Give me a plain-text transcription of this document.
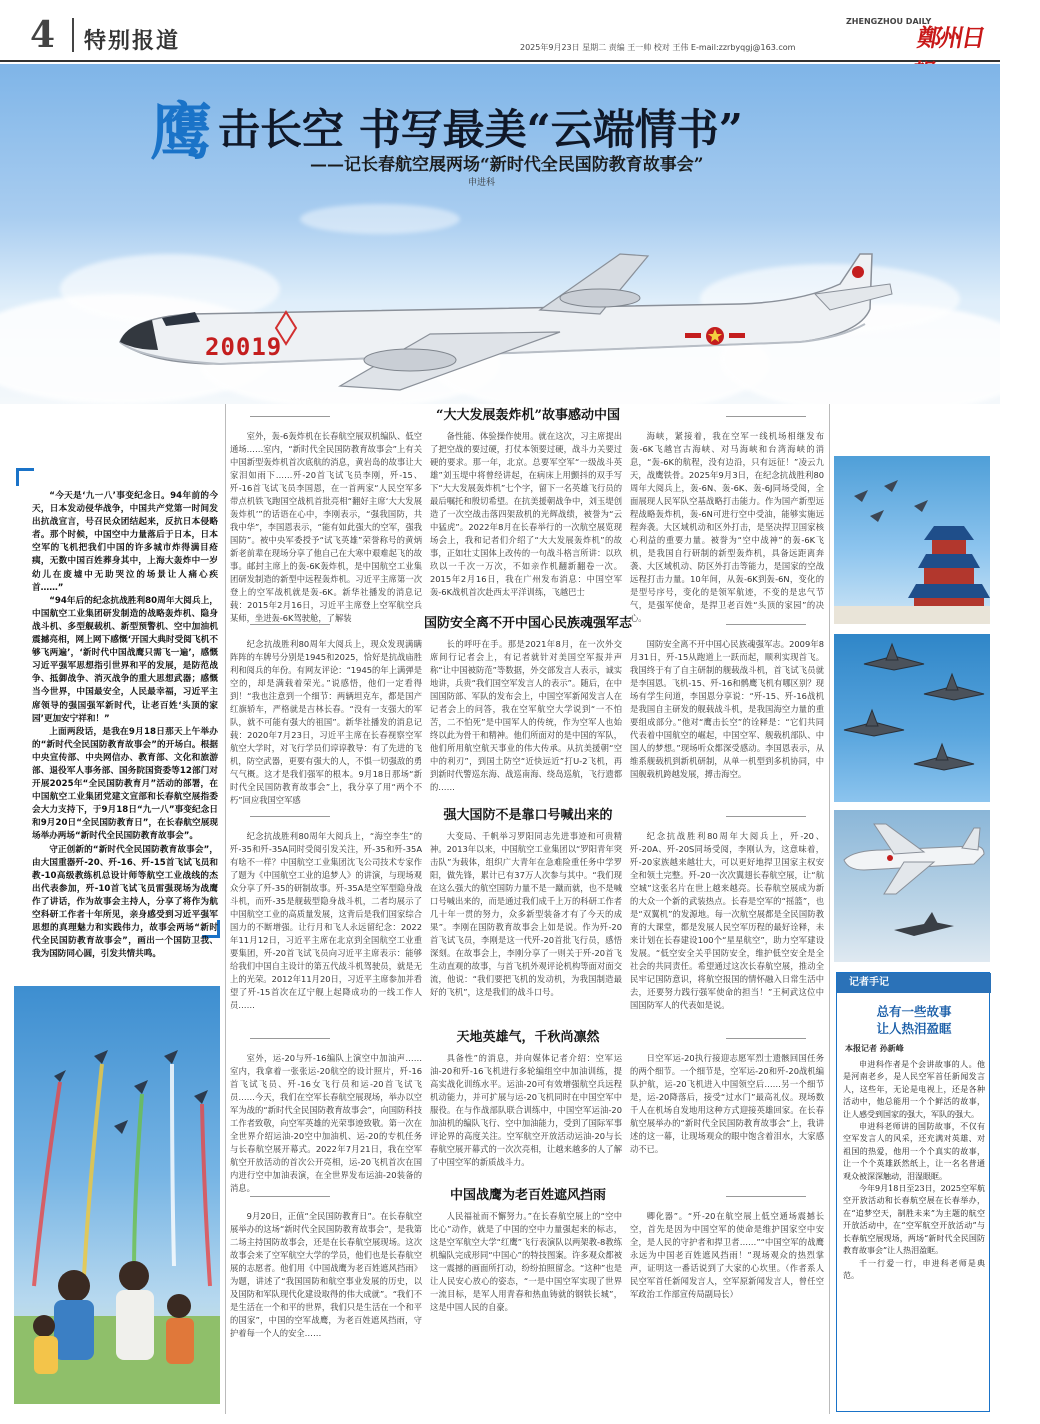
4 特别报道	2025年9月23日 星期二 责编 王一帅 校对 王伟 E-mail:zzrbyqgj@163.com
ZHENGZHOU DAILY
鄭州日報
鹰 击长空 书写最美“云端情书”
——记长春航空展两场“新时代全民国防教育故事会”
申进科
20019

“今天是‘九一八’事变纪念日。94年前的今天，日本发动侵华战争，中国共产党第一时间发出抗战宣言，号召民众团结起来，反抗日本侵略者。那个时候，中国空中力量落后于日本，日本空军的飞机把我们中国的许多城市炸得满目疮痍，无数中国百姓葬身其中，上海大轰炸中一岁幼儿在废墟中无助哭泣的场景让人痛心疾首……”

“94年后的纪念抗战胜利80周年大阅兵上，中国航空工业集团研发制造的战略轰炸机、隐身战斗机、多型舰载机、新型预警机、空中加油机震撼亮相，网上网下感慨‘开国大典时受阅飞机不够飞两遍’，‘新时代中国战鹰只需飞一遍’，感慨习近平强军思想指引世界和平的发展，是防范战争、抵御战争、消灭战争的重大思想武器；感慨当今世界，中国最安全，人民最幸福，习近平主席领导的强国强军新时代，让老百姓‘头顶的家园’更加安宁祥和！”

上面两段话，是我在9月18日那天上午举办的“新时代全民国防教育故事会”的开场白。根据中央宣传部、中央网信办、教育部、文化和旅游部、退役军人事务部、国务院国资委等12部门对开展2025年“全民国防教育月”活动的部署，在中国航空工业集团党建文宣部和长春航空展指委会大力支持下，于9月18日“九一八”事变纪念日和9月20日“全民国防教育日”，在长春航空展现场举办两场“新时代全民国防教育故事会”。

守正创新的“新时代全民国防教育故事会”，由大国重器歼-20、歼-16、歼-15首飞试飞员和教-10高级教练机总设计师等航空工业战线的杰出代表参加，歼-10首飞试飞员雷强现场为战鹰作了讲话，作为故事会主持人，分享了将作为航空科研工作者十年所见，亲身感受到习近平强军思想的真理魅力和实践伟力，故事会两场“新时代全民国防教育故事会”，画出一个国防卫我、我为国防同心圆，引发共情共鸣。

“大大发展轰炸机”故事感动中国

室外，轰-6轰炸机在长春航空展双机编队、低空通场……室内，“新时代全民国防教育故事会”上有关中国新型轰炸机首次底航的消息，黄岩岛的故事让大家泪如雨下……歼-20首飞试飞员李刚，歼-15、歼-16首飞试飞员李国恩，在一首两家“人民空军多带点机铁飞跑国空战机首批亮相“翻好主席‘大大发展轰炸机’”的话语在心中，李刚表示，“强我国防，共我中华”，李国恩表示，“能有如此强大的空军，强我国防”。被中央军委授予“试飞英雄”荣誉称号的黄炳新老前辈在现场分享了他自己在大寒中艰难起飞的故事。邮封主席上的轰-6K轰炸机，是中国航空工业集团研发制造的新型中远程轰炸机。习近平主席第一次登上的空军战机就是轰-6K。新华社播发的消息记载：2015年2月16日，习近平主席登上空军航空兵某师，坐进轰-6K驾驶舱，了解装

备性能、体验操作使用。就在这次，习主席提出了把空战的要过硬，打仗本领要过硬，战斗力关要过硬的要求。那一年，北京。总要军空军“一级战斗英雄”刘玉堤中将曾经讲起，在病床上用颤抖的双手写下“大大发展轰炸机”七个字，留下一名英雄飞行员的最后嘱托和殷切希望。在抗美援朝战争中，刘玉堤创造了一次空战击落四架敌机的光辉战绩，被誉为“云中猛虎”。2022年8月在长春举行的一次航空展览现场会上，我和记者们介绍了“大大发展轰炸机”的故事，正如壮丈国体上改传的一句战斗格言所讲：以玖玖以一千次一万次，不如亲作机翻新翻卷一次。2015年2月16日，我在广州发布消息：中国空军轰-6K战机首次赴西太平洋训练，飞越巴士

海峡，紧接着，我在空军一线机场相继发布轰-6K飞越宫古海峡、对马海峡和台湾海峡的消息，“轰-6K的航程，没有边沿，只有远征！”凌云九天，战鹰铁骨。2025年9月3日，在纪念抗战胜利80周年大阅兵上，轰-6N、轰-6K、轰-6J同场受阅，全面展现人民军队空基战略打击能力。作为国产新型远程战略轰炸机，轰-6N可进行空中受油，能够实施远程奔袭。大区域机动和区外打击，是坚决捍卫国家核心利益的重要力量。被誉为“空中战神”的轰-6K飞机，是我国自行研制的新型轰炸机，具备远距离奔袭、大区域机动、防区外打击等能力，是国家的空战远程打击力量。10年间，从轰-6K到轰-6N，变化的是型号序号，变化的是领军航迹，不变的是忠气节气，是强军使命，是捍卫老百姓“头顶的家园”的决心。

国防安全离不开中国心民族魂强军志

纪念抗战胜利80周年大阅兵上，现众发现满瞒阵阵的车牌号分别是1945和2025，恰好是抗战庙胜利和阅兵的年份。有网友评论：“1945的年上满弹是空的，却是满载着荣光。”说感悟，他们一定看得到！“我也注意到一个细节：两辆坦克车，都是国产红旗轿车，严格就是吉林长春。“没有一支强大的军队，就不可能有强大的祖国”。新华社播发的消息记载：2020年7月23日，习近平主席在长春视察空军航空大学时，对飞行学员们谆谆教导：有了先进的飞机，防空武器，更要有强大的人，不惧一切强敌的勇气气概。这才是我们强军的根本。9月18日那场“新时代全民国防教育故事会”上，我分享了用“两个不朽”回应我国空军感

长的呼吁在手。那是2021年8月，在一次外交席间行记者会上，有记者就针对美国空军报并声称“让中国被防范”等数据，外交部发言人表示，诚实地讲，兵贵“我们国空军发言人的表示”。随后，在中国国防部、军队的发布会上，中国空军新闻发言人在记者会上的问答，我在空军航空大学说到“一不怕苦，二不怕死”是中国军人的传统，作为空军人也始终以此为骨干和精神。他们所面对的是中国的军队，他们所用航空航天事业的伟大传承。从抗美援朝“空中的利刃”，到国土防空“近快远近”打U-2飞机，再到新时代警巡东海、战巡南海、绕岛巡航，飞行遗都的……

国防安全离不开中国心民族魂强军志。2009年8月31日，歼-15从跑道上一跃而起，顺利实现首飞。我国终于有了自主研制的舰载战斗机，首飞试飞员就是李国恩。飞机-15、歼-16和鹘鹰飞机有哪区别？现场有学生问道，李国恩分享说：“歼-15、歼-16战机是我国自主研发的舰载战斗机，是我国海空力量的重要组成部分。”他对“鹰击长空”的诠释是：“它们共同代表着中国航空的崛起，中国空军、舰载机部队、中国人的梦想。”现场听众都深受感动。李国恩表示，从维系舰载机到新机研制，从单一机型到多机协同，中国舰载机跨越发展，搏击海空。

强大国防不是靠口号喊出来的

纪念抗战胜利80周年大阅兵上，“海空李生”的歼-35和歼-35A同时受阅引发关注，歼-35和歼-35A有啥不一样？中国航空工业集团沈飞公司技术专家作了题为《中国航空工业的追梦人》的讲演，与现场观众分享了歼-35的研制故事。歼-35A是空军型隐身战斗机，而歼-35是舰载型隐身战斗机，二者均展示了中国航空工业的高质量发展，这背后是我们国家综合国力的不断增强。让行月和飞人永远留纪念：2022年11月12日，习近平主席在北京到全国航空工业重要集团，歼-20首飞试飞员向习近平主席表示：能够给我们中国自主设计的第五代战斗机驾驶员，就是无上的光荣。2012年11月20日，习近平主席参加并看望了歼-15首次在辽宁舰上起降成功的一线工作人员……

大变局、千帆举习罗阳同志先进事迹和可贵精神。2013年以来，中国航空工业集团以“罗阳青年突击队”为载体，组织广大青年在急难险重任务中学罗阳，做先锋，累计已有37万人次参与其中。“我们现在这么强大的航空国防力量不是一蹴而就，也不是喊口号喊出来的，而是通过我们成千上万的科研工作者几十年一贯的努力，众多新型装备才有了今天的成果”。李刚在国防教育故事会上如是说。作为歼-20首飞试飞员，李刚是这一代歼-20首批飞行员，感悟深刻。在故事会上，李刚分享了一则关于歼-20首飞生动直观的故事，与首飞机外观评论机构等面对面交流，他说：“我们要把飞机的发动机，为我国制造最好的飞机”，这是我们的战斗口号。

纪念抗战胜利80周年大阅兵上，歼-20、歼-20A、歼-20S同场受阅，李刚认为，这意味着，歼-20家族越来越壮大，可以更好地捍卫国家主权安全和领土完整。歼-20一次次翼翅长春航空展，让“航空城”这张名片在世上越来越亮。长春航空展成为新的大众一个新的武装热点。长春是空军的“摇篮”，也是“双翼机”的发源地。每一次航空展都是全民国防教育的大课堂，都是发展人民空军历程的最好诠释，未来计划在长春建设100个“星星航空”，助力空军建设发展。“低空安全关乎国防安全，维护低空安全是全社会的共同责任。希望通过这次长春航空展，推动全民牢记国防意识，将航空报国的情怀融入日常生活中去，还要努力践行强军使命的担当！”王柯武这位中国国防军人的代表如是说。

天地英雄气，千秋尚凛然

室外，运-20与歼-16编队上演空中加油声……室内，我拿着一张张运-20航空的设计照片，歼-16首飞试飞员、歼-16女飞行员和运-20首飞试飞员……今天，我们在空军长春航空展现场，举办以空军为战的“新时代全民国防教育故事会”，向国防科技工作者致敬，向空军英雄的光荣事迹致敬。第一次在全世界介绍运油-20空中加油机、运-20的专机任务与长春航空展开幕式。2022年7月21日，我在空军航空开放活动的首次公开亮相，运-20飞机首次在国内进行空中加油表演，在全世界发布运油-20装备的消息。

具备性”的消息，并向媒体记者介绍：空军运油-20和歼-16飞机进行多轮编组空中加油训练，提高实战化训练水平。运油-20可有效增强航空兵远程机动能力，并可扩展与运-20飞机同时在中国空军中服役。在与作战部队联合训练中，中国空军运油-20加油机的编队飞行、空中加油能力，受到了国际军事评论界的高度关注。空军航空开放活动运油-20与长春航空展开幕式的一次次亮相，让越来越多的人了解了中国空军的新质战斗力。

日空军运-20执行接迎志愿军烈士遗骸回国任务的两个细节。一个细节是，空军运-20和歼-20战机编队护航，运-20飞机进入中国领空后……另一个细节是，运-20降落后，接受“过水门”最高礼仪。现场数千人在机场自发地用这种方式迎接英雄回家。在长春航空展举办的“新时代全民国防教育故事会”上，我讲述的这一幕，让现场观众的眼中饱含着泪水，大家感动不已。

中国战鹰为老百姓遮风挡雨

9月20日，正值“全民国防教育日”。在长春航空展举办的这场“新时代全民国防教育故事会”，是我第二场主持国防故事会，还是在长春航空展现场。这次故事会来了空军航空大学的学员，他们也是长春航空展的志愿者。他们用《中国战鹰为老百姓遮风挡雨》为题，讲述了“我国国防和航空事业发展的历史，以及国防和军队现代化建设取得的伟大成就”。“我们不是生活在一个和平的世界，我们只是生活在一个和平的国家”，中国的空军战鹰，为老百姓遮风挡雨，守护着每一个人的安全……

人民福祉而不懈努力。”在长春航空展上的“空中比心”动作，就是了中国的空中力量强起来的标志，这是空军航空大学“红鹰”飞行表演队以两架教-8教练机编队完成形同“中国心”的特技图案。许多观众都被这一震撼的画面所打动，纷纷拍照留念。“这种”也是让人民安心放心的姿态，“一是中国空军实现了世界一流目标，是军人用青春和热血铸就的钢铁长城”，这是中国人民的自豪。

卿化器”。“歼-20在航空展上低空通场震撼长空，首先是因为中国空军的使命是维护国家空中安全，是人民的守护者和捍卫者……”“中国空军的战鹰永远为中国老百姓遮风挡雨！”现场观众的热烈掌声，证明这一番话说到了大家的心坎里。（作者系人民空军首任新闻发言人，空军原新闻发言人，曾任空军政治工作部宣传局副局长）

记者手记
总有一些故事
让人热泪盈眶
本报记者 孙新峰

申进科作者是个会讲故事的人。他是河南老乡，是人民空军首任新闻发言人，这些年，无论是电视上，还是各种活动中，他总能用一个个鲜活的故事，让人感受到国家的强大，军队的强大。

申进科老师讲的国防故事，不仅有空军发言人的风采，还充满对英雄、对祖国的热爱，他用一个个真实的故事，让一个个英雄跃然纸上，让一名名普通观众被深深触动，泪湿眼眶。

今年9月18日至23日，2025空军航空开放活动和长春航空展在长春举办，在“追梦空天，制胜未来”为主题的航空开放活动中，在“空军航空开放活动”与长春航空展现场，两场“新时代全民国防教育故事会”让人热泪盈眶。

千一行爱一行，申进科老师是典范。
